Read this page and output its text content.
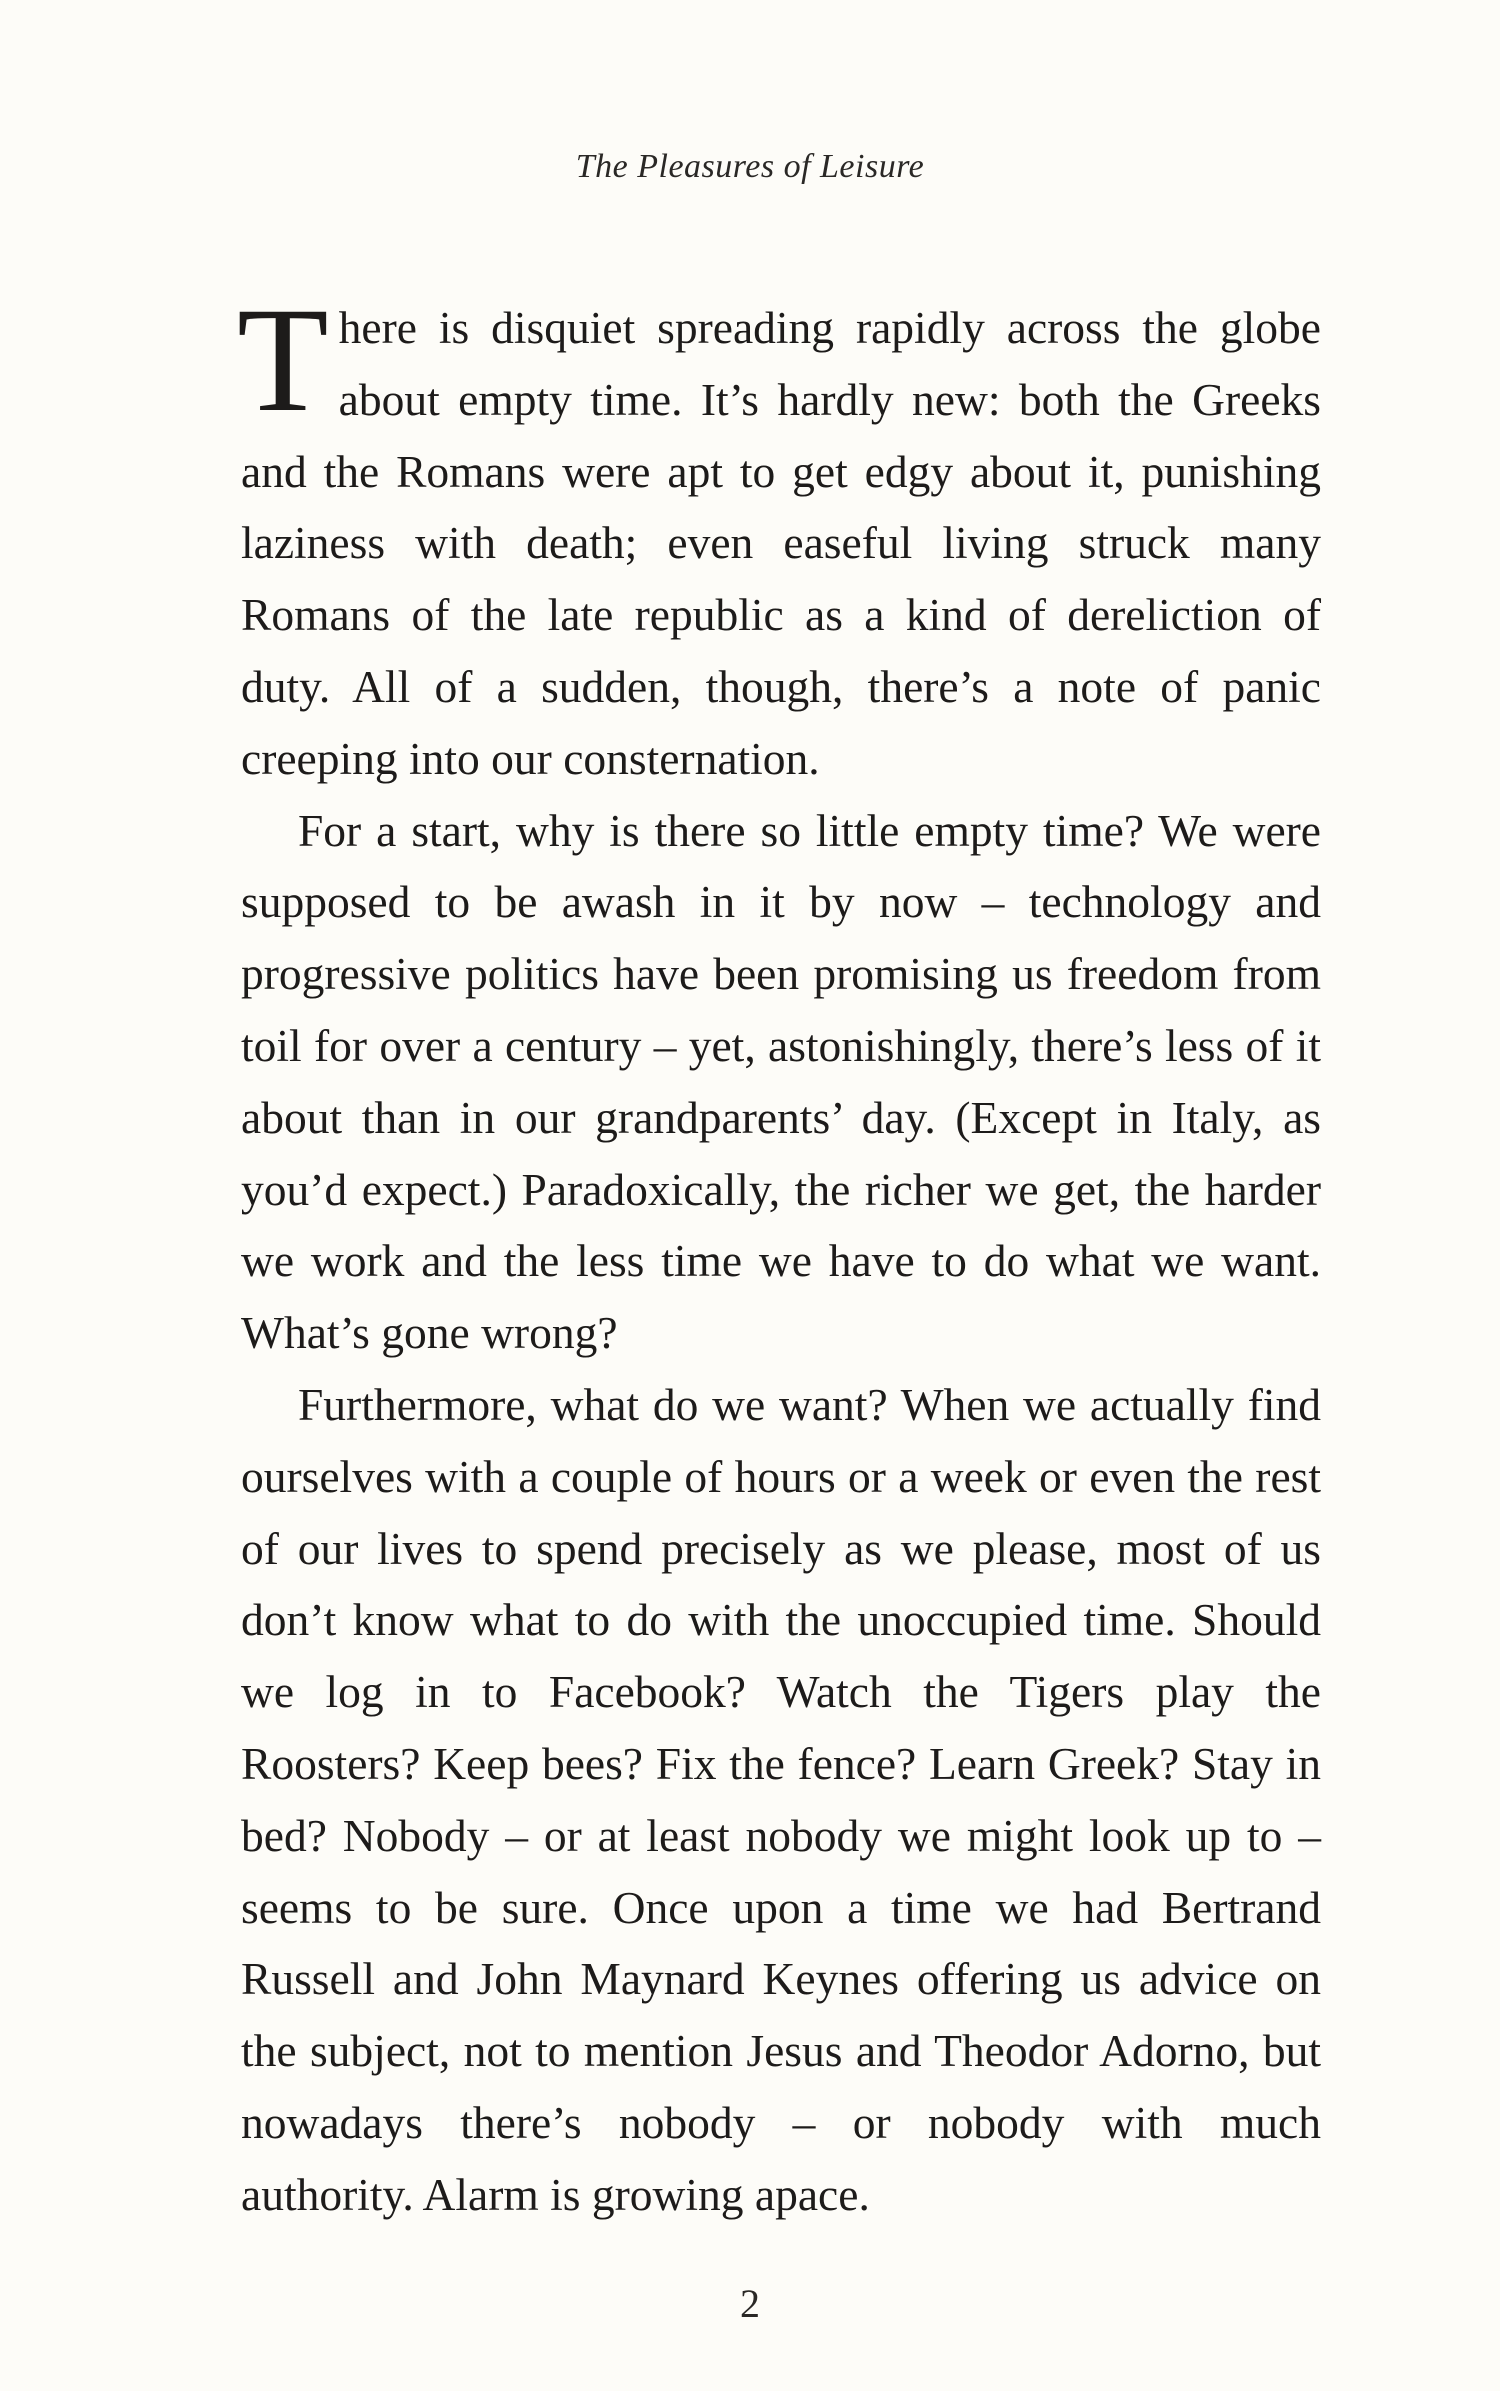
The Pleasures of Leisure

There is disquiet spreading rapidly across the globe about empty time. It’s hardly new: both the Greeks and the Romans were apt to get edgy about it, punishing laziness with death; even easeful living struck many Romans of the late republic as a kind of dereliction of duty. All of a sudden, though, there’s a note of panic creeping into our consternation.

For a start, why is there so little empty time? We were supposed to be awash in it by now – technology and progressive politics have been promising us freedom from toil for over a century – yet, astonishingly, there’s less of it about than in our grandparents’ day. (Except in Italy, as you’d expect.) Paradoxically, the richer we get, the harder we work and the less time we have to do what we want. What’s gone wrong?

Furthermore, what do we want? When we actually find ourselves with a couple of hours or a week or even the rest of our lives to spend precisely as we please, most of us don’t know what to do with the unoccupied time. Should we log in to Facebook? Watch the Tigers play the Roosters? Keep bees? Fix the fence? Learn Greek? Stay in bed? Nobody – or at least nobody we might look up to – seems to be sure. Once upon a time we had Bertrand Russell and John Maynard Keynes offering us advice on the subject, not to mention Jesus and Theodor Adorno, but nowadays there’s nobody – or nobody with much authority. Alarm is growing apace.

2
